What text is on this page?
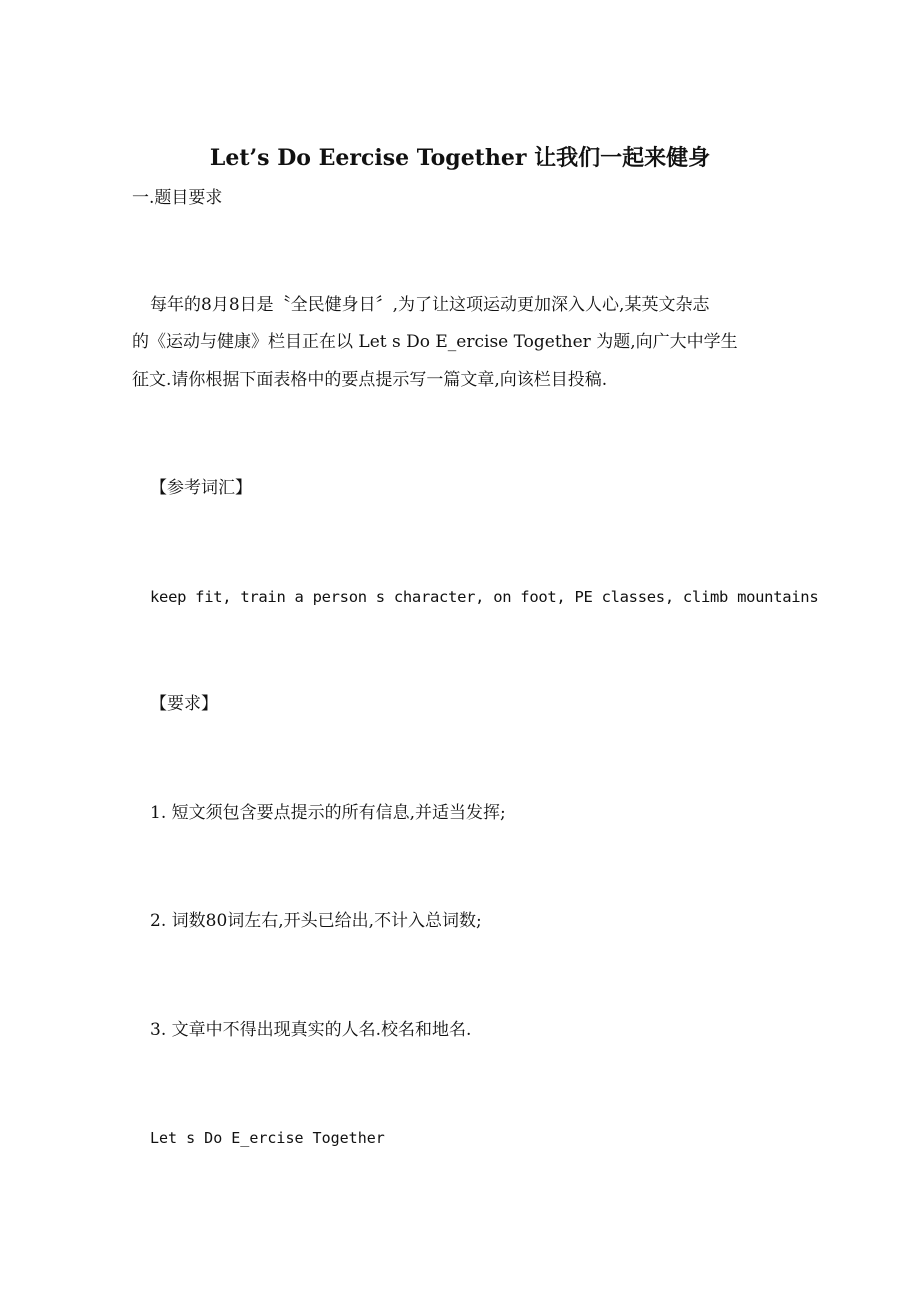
Let’s Do Eercise Together 让我们一起来健身
一.题目要求
每年的8月8日是〝全民健身日〞,为了让这项运动更加深入人心,某英文杂志
的《运动与健康》栏目正在以 Let s Do E_ercise Together 为题,向广大中学生
征文.请你根据下面表格中的要点提示写一篇文章,向该栏目投稿.
【参考词汇】
keep fit, train a person s character, on foot, PE classes, climb mountains
【要求】
1. 短文须包含要点提示的所有信息,并适当发挥;
2. 词数80词左右,开头已给出,不计入总词数;
3. 文章中不得出现真实的人名.校名和地名.
Let s Do E_ercise Together
